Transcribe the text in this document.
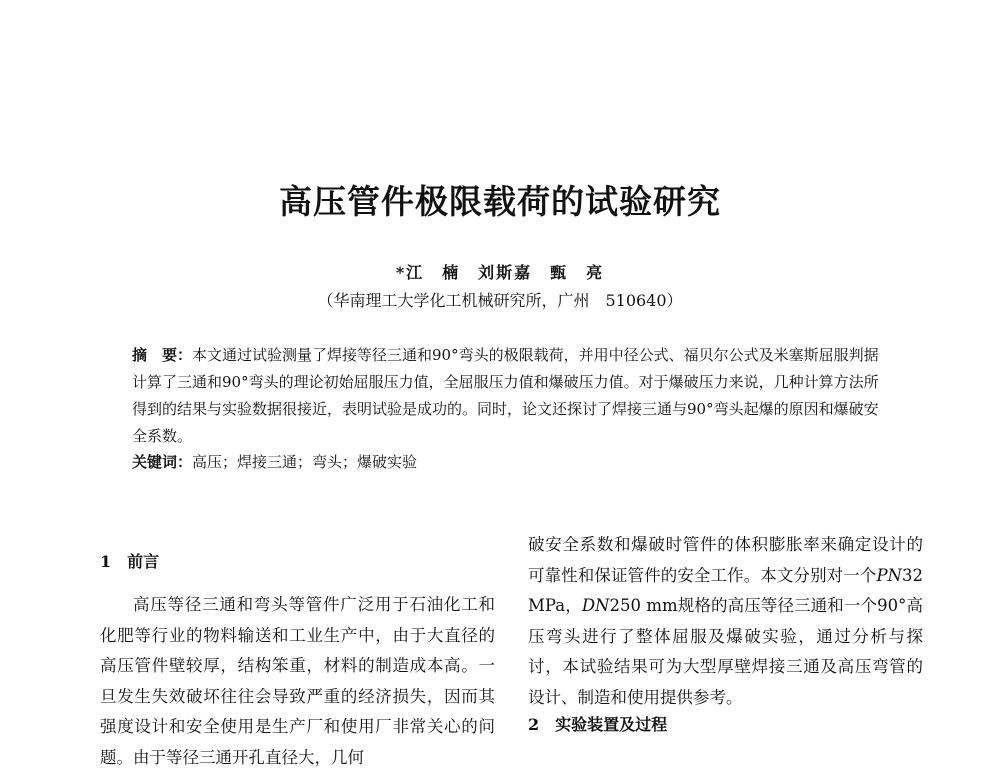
高压管件极限载荷的试验研究
*江　楠　刘斯嘉　甄　亮
（华南理工大学化工机械研究所，广州　510640）
摘　要：本文通过试验测量了焊接等径三通和90°弯头的极限载荷，并用中径公式、福贝尔公式及米塞斯屈服判据计算了三通和90°弯头的理论初始屈服压力值，全屈服压力值和爆破压力值。对于爆破压力来说，几种计算方法所得到的结果与实验数据很接近，表明试验是成功的。同时，论文还探讨了焊接三通与90°弯头起爆的原因和爆破安全系数。
关键词：高压；焊接三通；弯头；爆破实验
1　前言
高压等径三通和弯头等管件广泛用于石油化工和化肥等行业的物料输送和工业生产中，由于大直径的高压管件壁较厚，结构笨重，材料的制造成本高。一旦发生失效破坏往往会导致严重的经济损失，因而其强度设计和安全使用是生产厂和使用厂非常关心的问题。由于等径三通开孔直径大，几何
破安全系数和爆破时管件的体积膨胀率来确定设计的可靠性和保证管件的安全工作。本文分别对一个PN32 MPa，DN250 mm规格的高压等径三通和一个90°高压弯头进行了整体屈服及爆破实验，通过分析与探讨，本试验结果可为大型厚壁焊接三通及高压弯管的设计、制造和使用提供参考。
2　实验装置及过程
